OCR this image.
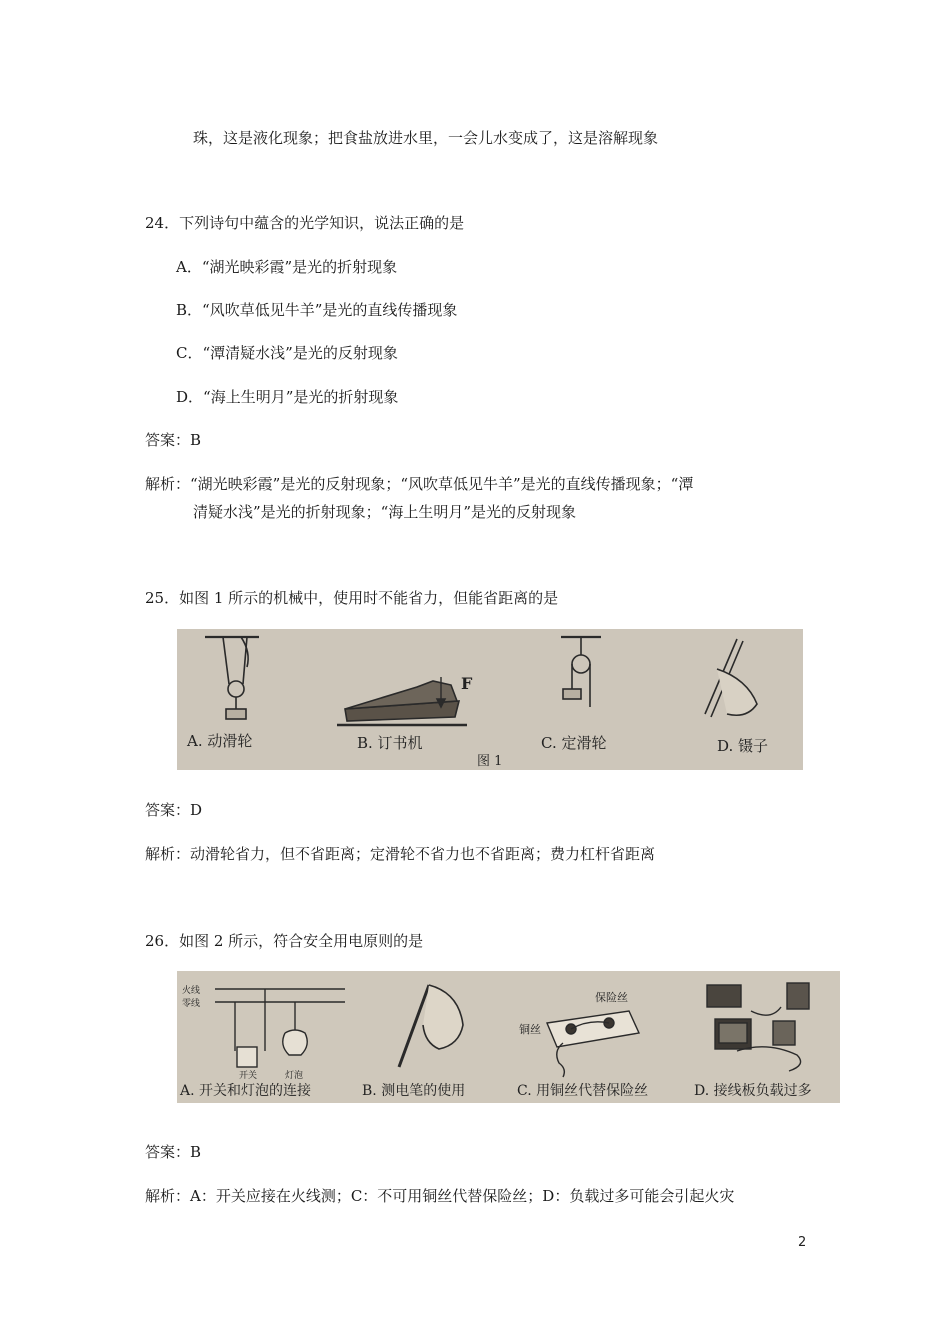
珠，这是液化现象；把食盐放进水里，一会儿水变成了，这是溶解现象
24．下列诗句中蕴含的光学知识，说法正确的是
A．“湖光映彩霞”是光的折射现象
B．“风吹草低见牛羊”是光的直线传播现象
C．“潭清疑水浅”是光的反射现象
D．“海上生明月”是光的折射现象
答案：B
解析：“湖光映彩霞”是光的反射现象；“风吹草低见牛羊”是光的直线传播现象；“潭
清疑水浅”是光的折射现象；“海上生明月”是光的反射现象
25．如图 1 所示的机械中，使用时不能省力，但能省距离的是
A. 动滑轮
F
B. 订书机
图 1
C. 定滑轮	D. 镊子
答案：D
解析：动滑轮省力，但不省距离；定滑轮不省力也不省距离；费力杠杆省距离
26．如图 2 所示，符合安全用电原则的是
火线
零线
开关	灯泡
A. 开关和灯泡的连接	B. 测电笔的使用
保险丝
铜丝
C. 用铜丝代替保险丝	D. 接线板负载过多
答案：B
解析：A：开关应接在火线测；C：不可用铜丝代替保险丝；D：负载过多可能会引起火灾
2
